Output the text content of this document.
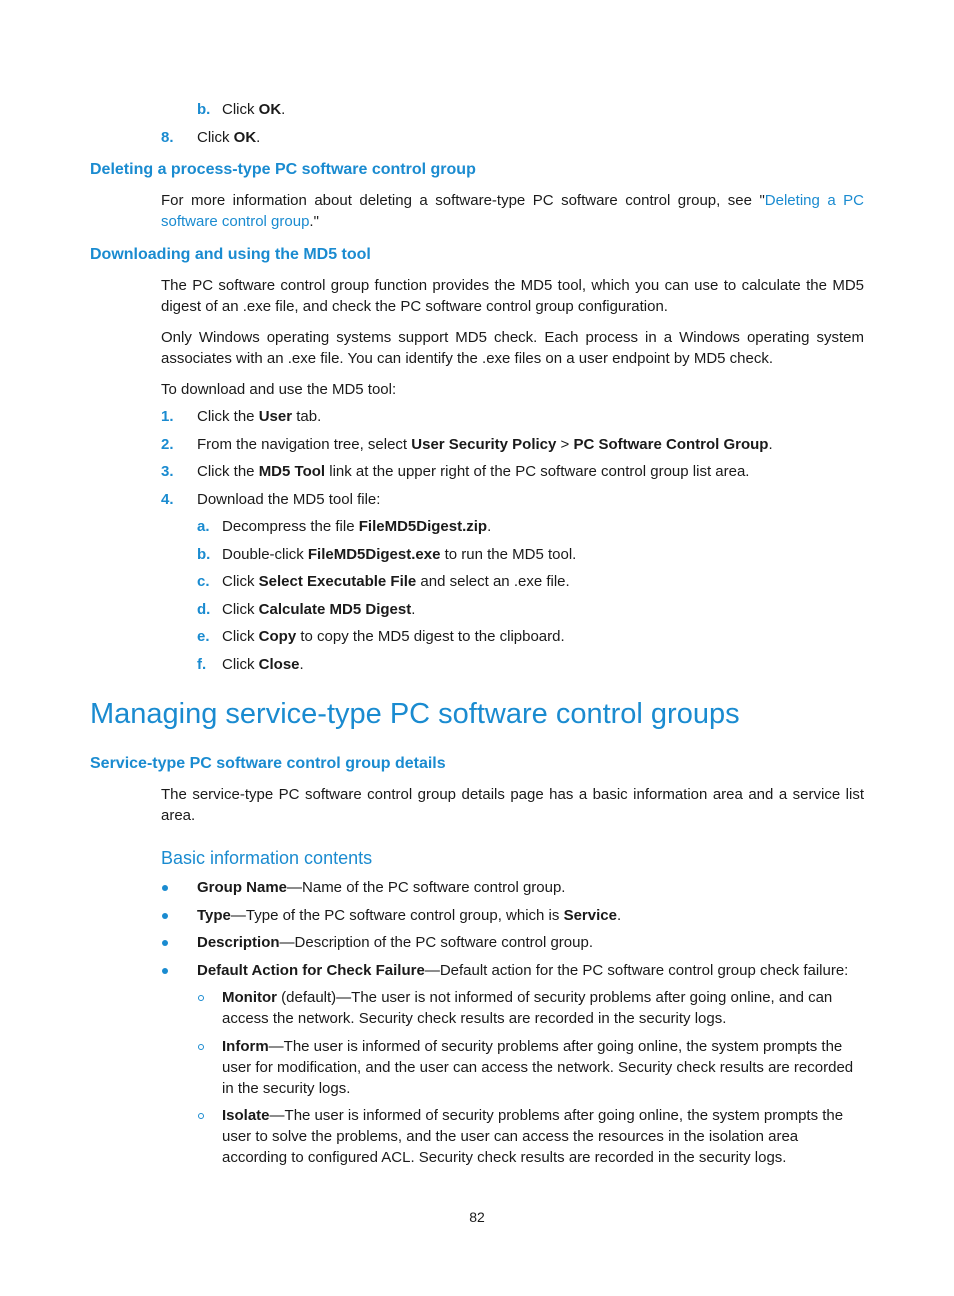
b. Click OK.
8. Click OK.
Deleting a process-type PC software control group
For more information about deleting a software-type PC software control group, see "Deleting a PC software control group."
Downloading and using the MD5 tool
The PC software control group function provides the MD5 tool, which you can use to calculate the MD5 digest of an .exe file, and check the PC software control group configuration.
Only Windows operating systems support MD5 check. Each process in a Windows operating system associates with an .exe file. You can identify the .exe files on a user endpoint by MD5 check.
To download and use the MD5 tool:
1. Click the User tab.
2. From the navigation tree, select User Security Policy > PC Software Control Group.
3. Click the MD5 Tool link at the upper right of the PC software control group list area.
4. Download the MD5 tool file:
a. Decompress the file FileMD5Digest.zip.
b. Double-click FileMD5Digest.exe to run the MD5 tool.
c. Click Select Executable File and select an .exe file.
d. Click Calculate MD5 Digest.
e. Click Copy to copy the MD5 digest to the clipboard.
f. Click Close.
Managing service-type PC software control groups
Service-type PC software control group details
The service-type PC software control group details page has a basic information area and a service list area.
Basic information contents
Group Name—Name of the PC software control group.
Type—Type of the PC software control group, which is Service.
Description—Description of the PC software control group.
Default Action for Check Failure—Default action for the PC software control group check failure:
Monitor (default)—The user is not informed of security problems after going online, and can access the network. Security check results are recorded in the security logs.
Inform—The user is informed of security problems after going online, the system prompts the user for modification, and the user can access the network. Security check results are recorded in the security logs.
Isolate—The user is informed of security problems after going online, the system prompts the user to solve the problems, and the user can access the resources in the isolation area according to configured ACL. Security check results are recorded in the security logs.
82
